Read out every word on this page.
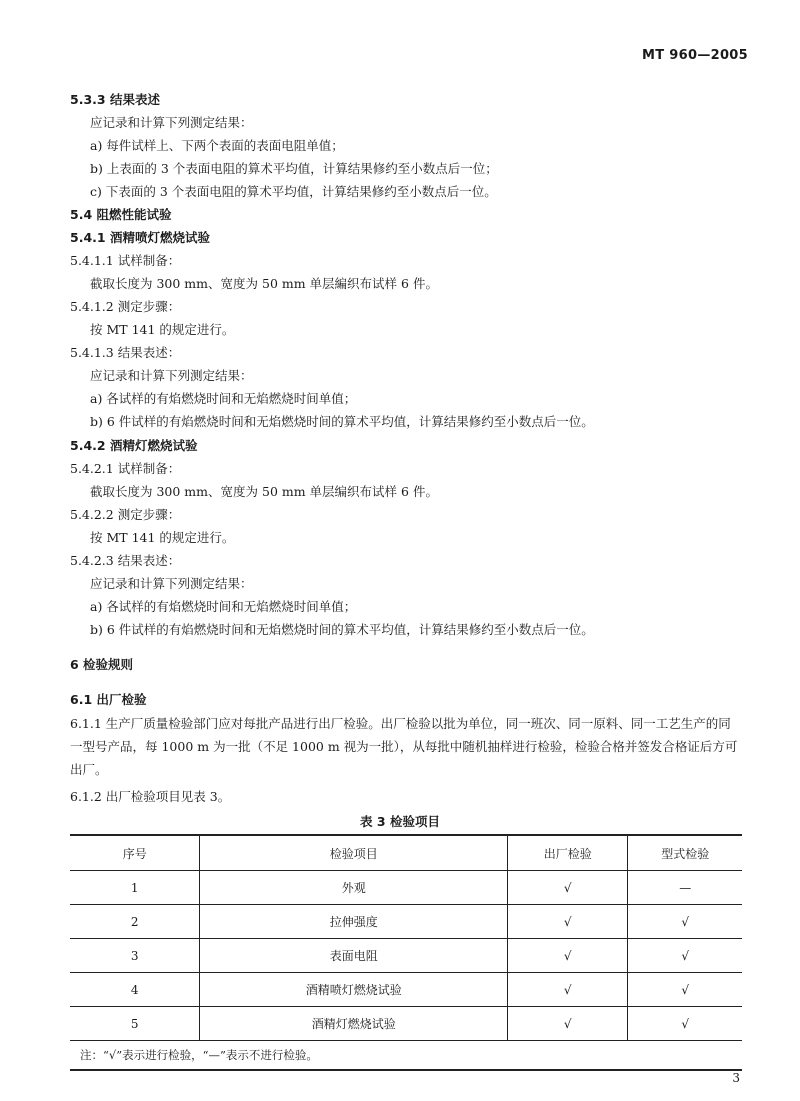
MT 960—2005
5.3.3 结果表述
应记录和计算下列测定结果：
a) 每件试样上、下两个表面的表面电阻单值；
b) 上表面的 3 个表面电阻的算术平均值，计算结果修约至小数点后一位；
c) 下表面的 3 个表面电阻的算术平均值，计算结果修约至小数点后一位。
5.4 阻燃性能试验
5.4.1 酒精喷灯燃烧试验
5.4.1.1 试样制备：
截取长度为 300 mm、宽度为 50 mm 单层編织布试样 6 件。
5.4.1.2 测定步骤：
按 MT 141 的规定进行。
5.4.1.3 结果表述：
应记录和计算下列测定结果：
a) 各试样的有焰燃烧时间和无焰燃烧时间单值；
b) 6 件试样的有焰燃烧时间和无焰燃烧时间的算术平均值，计算结果修约至小数点后一位。
5.4.2 酒精灯燃烧试验
5.4.2.1 试样制备：
截取长度为 300 mm、宽度为 50 mm 单层编织布试样 6 件。
5.4.2.2 测定步骤：
按 MT 141 的规定进行。
5.4.2.3 结果表述：
应记录和计算下列测定结果：
a) 各试样的有焰燃烧时间和无焰燃烧时间单值；
b) 6 件试样的有焰燃烧时间和无焰燃烧时间的算术平均值，计算结果修约至小数点后一位。
6 检验规则
6.1 出厂检验
6.1.1 生产厂质量检验部门应对每批产品进行出厂检验。出厂检验以批为单位，同一班次、同一原料、同一工艺生产的同一型号产品，每 1000 m 为一批（不足 1000 m 视为一批），从每批中随机抽样进行检验，检验合格并签发合格证后方可出厂。
6.1.2 出厂检验项目见表 3。
表 3 检验项目
序号	检验项目	出厂检验	型式检验
1	外观	√	—
2	拉伸强度	√	√
3	表面电阻	√	√
4	酒精喷灯燃烧试验	√	√
5	酒精灯燃烧试验	√	√
注：“√”表示进行检验，“—”表示不进行检验。			
3
